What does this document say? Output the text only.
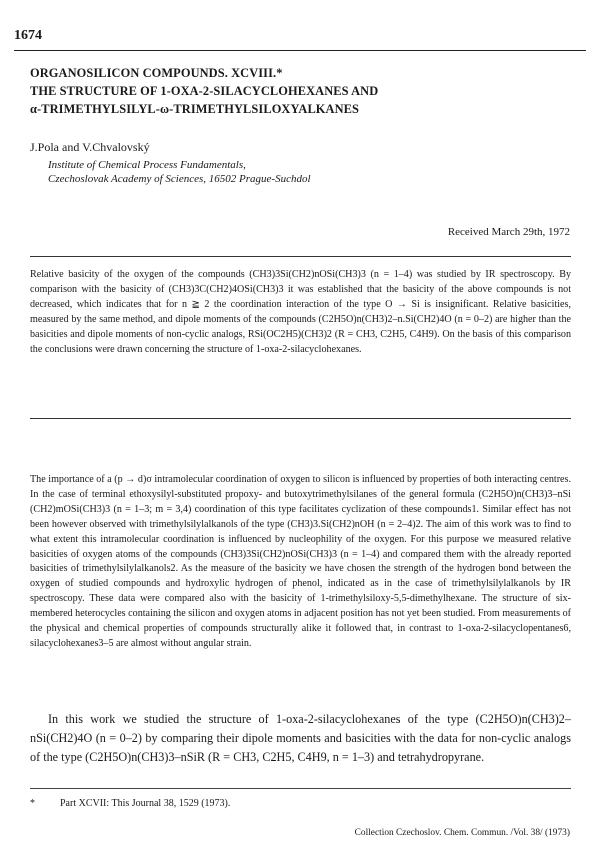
1674
ORGANOSILICON COMPOUNDS. XCVIII.*
THE STRUCTURE OF 1-OXA-2-SILACYCLOHEXANES AND
α-TRIMETHYLSILYL-ω-TRIMETHYLSILOXYALKANES
J.Pola and V.Chvalovský
Institute of Chemical Process Fundamentals,
Czechoslovak Academy of Sciences, 16502 Prague-Suchdol
Received March 29th, 1972

Relative basicity of the oxygen of the compounds (CH3)3Si(CH2)nOSi(CH3)3 (n = 1–4) was studied by IR spectroscopy. By comparison with the basicity of (CH3)3C(CH2)4OSi(CH3)3 it was established that the basicity of the above compounds is not decreased, which indicates that for n ≧ 2 the coordination interaction of the type O → Si is insignificant. Relative basicities, measured by the same method, and dipole moments of the compounds (C2H5O)n(CH3)2–n.Si(CH2)4O (n = 0–2) are higher than the basicities and dipole moments of non-cyclic analogs, RSi(OC2H5)(CH3)2 (R = CH3, C2H5, C4H9). On the basis of this comparison the conclusions were drawn concerning the structure of 1-oxa-2-silacyclohexanes.

The importance of a (p → d)σ intramolecular coordination of oxygen to silicon is influenced by properties of both interacting centres. In the case of terminal ethoxysilyl-substituted propoxy- and butoxytrimethylsilanes of the general formula (C2H5O)n(CH3)3–nSi (CH2)mOSi(CH3)3 (n = 1–3; m = 3,4) coordination of this type facilitates cyclization of these compounds1. Similar effect has not been however observed with trimethylsilylalkanols of the type (CH3)3.Si(CH2)nOH (n = 2–4)2. The aim of this work was to find to what extent this intramolecular coordination is influenced by nucleophility of the oxygen. For this purpose we measured relative basicities of oxygen atoms of the compounds (CH3)3Si(CH2)nOSi(CH3)3 (n = 1–4) and compared them with the already reported basicities of trimethylsilylalkanols2. As the measure of the basicity we have chosen the strength of the hydrogen bond between the oxygen of studied compounds and hydroxylic hydrogen of phenol, indicated as in the case of trimethylsilylalkanols by IR spectroscopy. These data were compared also with the basicity of 1-trimethylsiloxy-5,5-dimethylhexane. The structure of six-membered heterocycles containing the silicon and oxygen atoms in adjacent position has not yet been studied. From measurements of the physical and chemical properties of compounds structurally alike it followed that, in contrast to 1-oxa-2-silacyclopentanes6, silacyclohexanes3–5 are almost without angular strain.

In this work we studied the structure of 1-oxa-2-silacyclohexanes of the type (C2H5O)n(CH3)2–nSi(CH2)4O (n = 0–2) by comparing their dipole moments and basicities with the data for non-cyclic analogs of the type (C2H5O)n(CH3)3–nSiR (R = CH3, C2H5, C4H9, n = 1–3) and tetrahydropyrane.

*	Part XCVII: This Journal 38, 1529 (1973).
Collection Czechoslov. Chem. Commun. /Vol. 38/ (1973)
